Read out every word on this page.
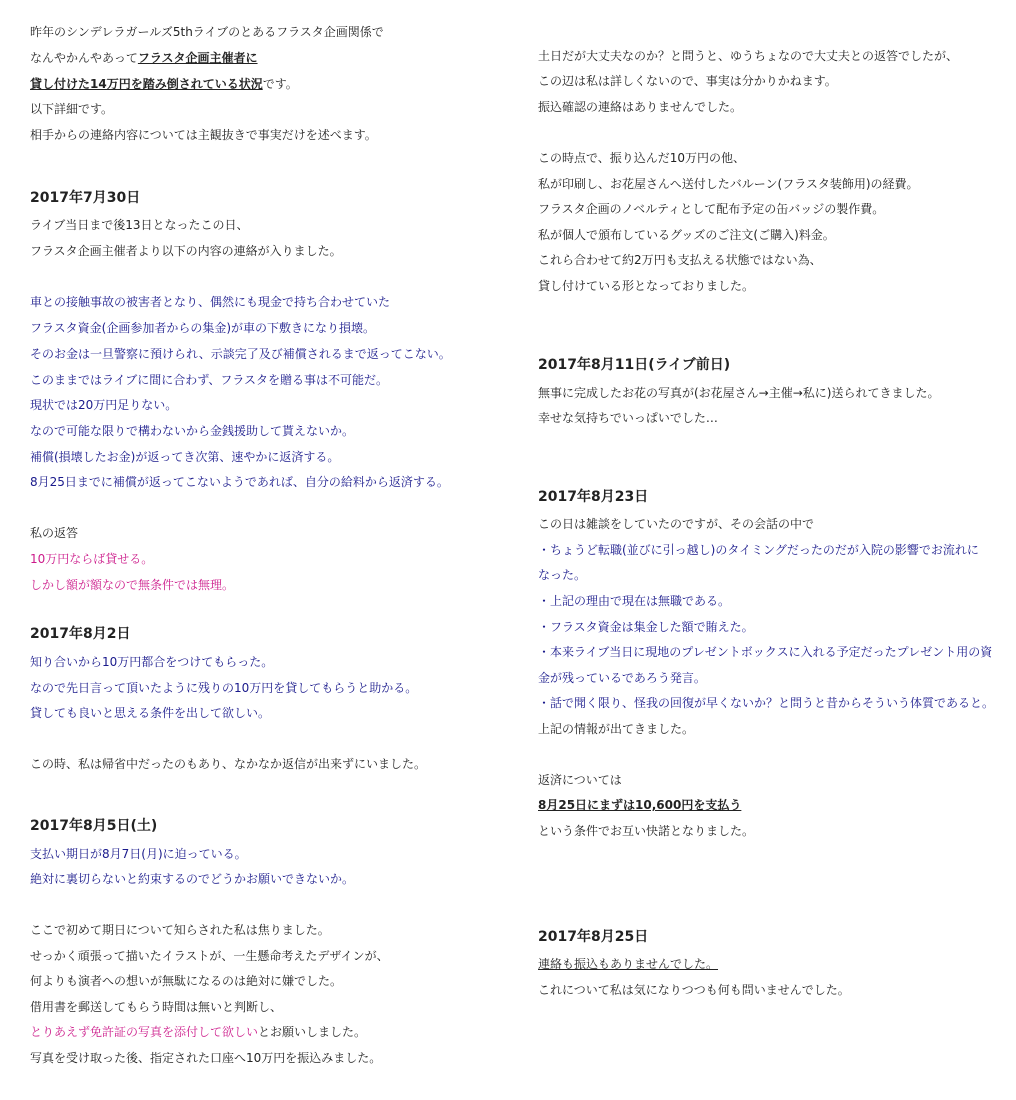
昨年のシンデレラガールズ5thライブのとあるフラスタ企画関係で
なんやかんやあってフラスタ企画主催者に
貸し付けた14万円を踏み倒されている状況です。
以下詳細です。
相手からの連絡内容については主観抜きで事実だけを述べます。
2017年7月30日
ライブ当日まで後13日となったこの日、
フラスタ企画主催者より以下の内容の連絡が入りました。
車との接触事故の被害者となり、偶然にも現金で持ち合わせていた
フラスタ資金(企画参加者からの集金)が車の下敷きになり損壊。
そのお金は一旦警察に預けられ、示談完了及び補償されるまで返ってこない。
このままではライブに間に合わず、フラスタを贈る事は不可能だ。
現状では20万円足りない。
なので可能な限りで構わないから金銭援助して貰えないか。
補償(損壊したお金)が返ってき次第、速やかに返済する。
8月25日までに補償が返ってこないようであれば、自分の給料から返済する。
私の返答
10万円ならば貸せる。
しかし額が額なので無条件では無理。
2017年8月2日
知り合いから10万円都合をつけてもらった。
なので先日言って頂いたように残りの10万円を貸してもらうと助かる。
貸しても良いと思える条件を出して欲しい。
この時、私は帰省中だったのもあり、なかなか返信が出来ずにいました。
2017年8月5日(土)
支払い期日が8月7日(月)に迫っている。
絶対に裏切らないと約束するのでどうかお願いできないか。
ここで初めて期日について知らされた私は焦りました。
せっかく頑張って描いたイラストが、一生懸命考えたデザインが、
何よりも演者への想いが無駄になるのは絶対に嫌でした。
借用書を郵送してもらう時間は無いと判断し、
とりあえず免許証の写真を添付して欲しいとお願いしました。
写真を受け取った後、指定された口座へ10万円を振込みました。
土日だが大丈夫なのか？と問うと、ゆうちょなので大丈夫との返答でしたが、
この辺は私は詳しくないので、事実は分かりかねます。
振込確認の連絡はありませんでした。
この時点で、振り込んだ10万円の他、
私が印刷し、お花屋さんへ送付したバルーン(フラスタ装飾用)の経費。
フラスタ企画のノベルティとして配布予定の缶バッジの製作費。
私が個人で頒布しているグッズのご注文(ご購入)料金。
これら合わせて約2万円も支払える状態ではない為、
貸し付けている形となっておりました。
2017年8月11日(ライブ前日)
無事に完成したお花の写真が(お花屋さん→主催→私に)送られてきました。
幸せな気持ちでいっぱいでした…
2017年8月23日
この日は雑談をしていたのですが、その会話の中で
・ちょうど転職(並びに引っ越し)のタイミングだったのだが入院の影響でお流れに
なった。
・上記の理由で現在は無職である。
・フラスタ資金は集金した額で賄えた。
・本来ライブ当日に現地のプレゼントボックスに入れる予定だったプレゼント用の資
金が残っているであろう発言。
・話で聞く限り、怪我の回復が早くないか？と問うと昔からそういう体質であると。
上記の情報が出てきました。
返済については
8月25日にまずは10,600円を支払う
という条件でお互い快諾となりました。
2017年8月25日
連絡も振込もありませんでした。
これについて私は気になりつつも何も問いませんでした。
